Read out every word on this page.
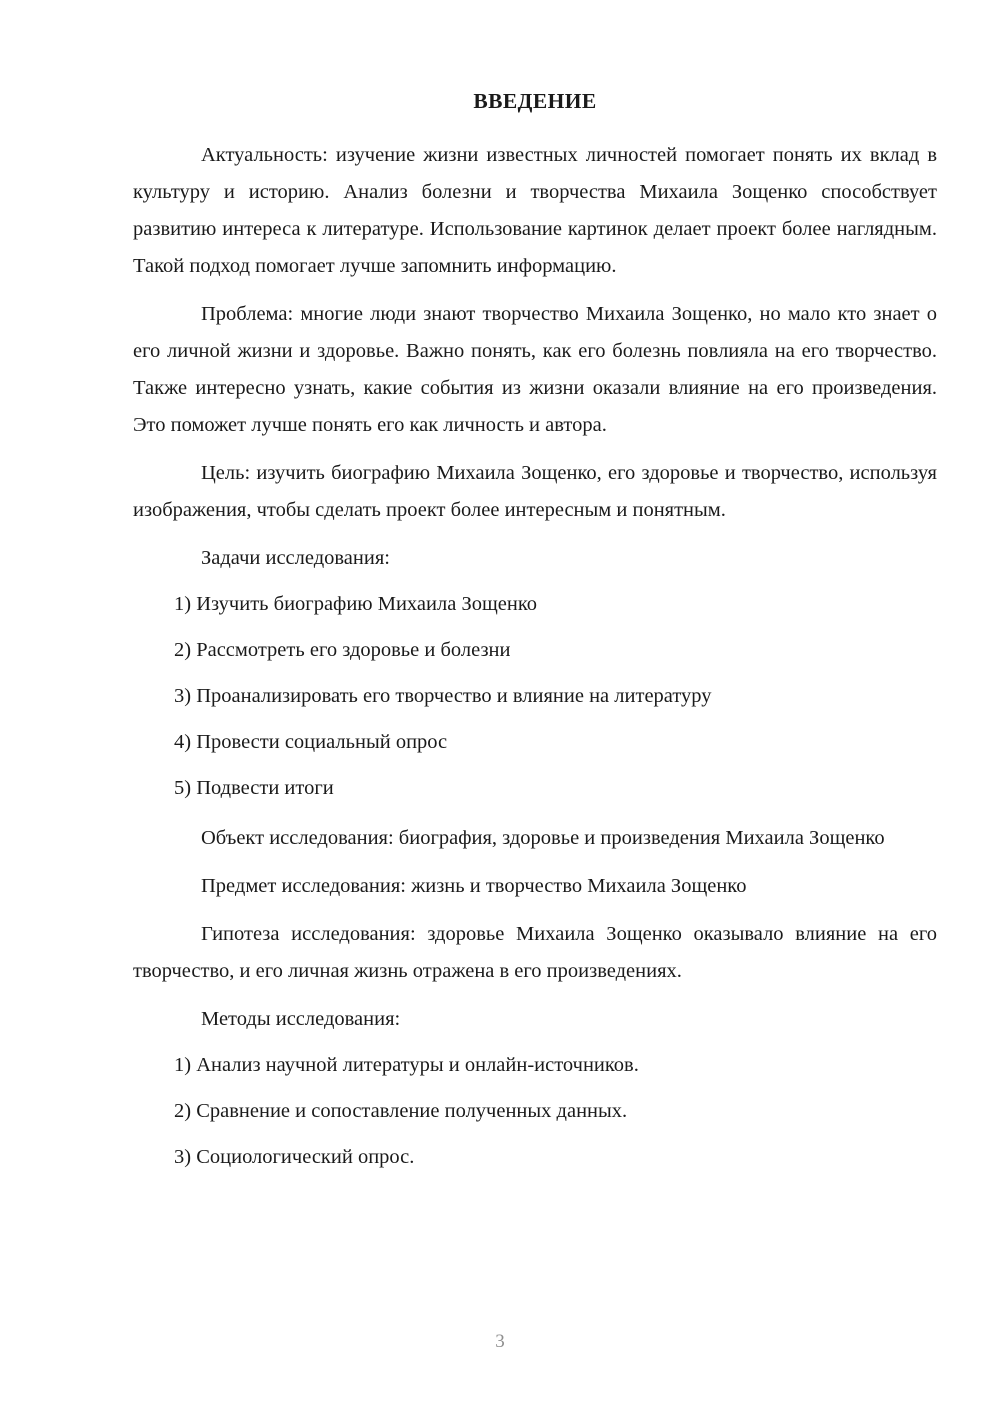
ВВЕДЕНИЕ

Актуальность: изучение жизни известных личностей помогает понять их вклад в культуру и историю. Анализ болезни и творчества Михаила Зощенко способствует развитию интереса к литературе. Использование картинок делает проект более наглядным. Такой подход помогает лучше запомнить информацию.

Проблема: многие люди знают творчество Михаила Зощенко, но мало кто знает о его личной жизни и здоровье. Важно понять, как его болезнь повлияла на его творчество. Также интересно узнать, какие события из жизни оказали влияние на его произведения. Это поможет лучше понять его как личность и автора.

Цель: изучить биографию Михаила Зощенко, его здоровье и творчество, используя изображения, чтобы сделать проект более интересным и понятным.

Задачи исследования:

1) Изучить биографию Михаила Зощенко
2) Рассмотреть его здоровье и болезни
3) Проанализировать его творчество и влияние на литературу
4) Провести социальный опрос
5) Подвести итоги

Объект исследования: биография, здоровье и произведения Михаила Зощенко

Предмет исследования: жизнь и творчество Михаила Зощенко

Гипотеза исследования: здоровье Михаила Зощенко оказывало влияние на его творчество, и его личная жизнь отражена в его произведениях.

Методы исследования:

1) Анализ научной литературы и онлайн-источников.
2) Сравнение и сопоставление полученных данных.
3) Социологический опрос.
3
